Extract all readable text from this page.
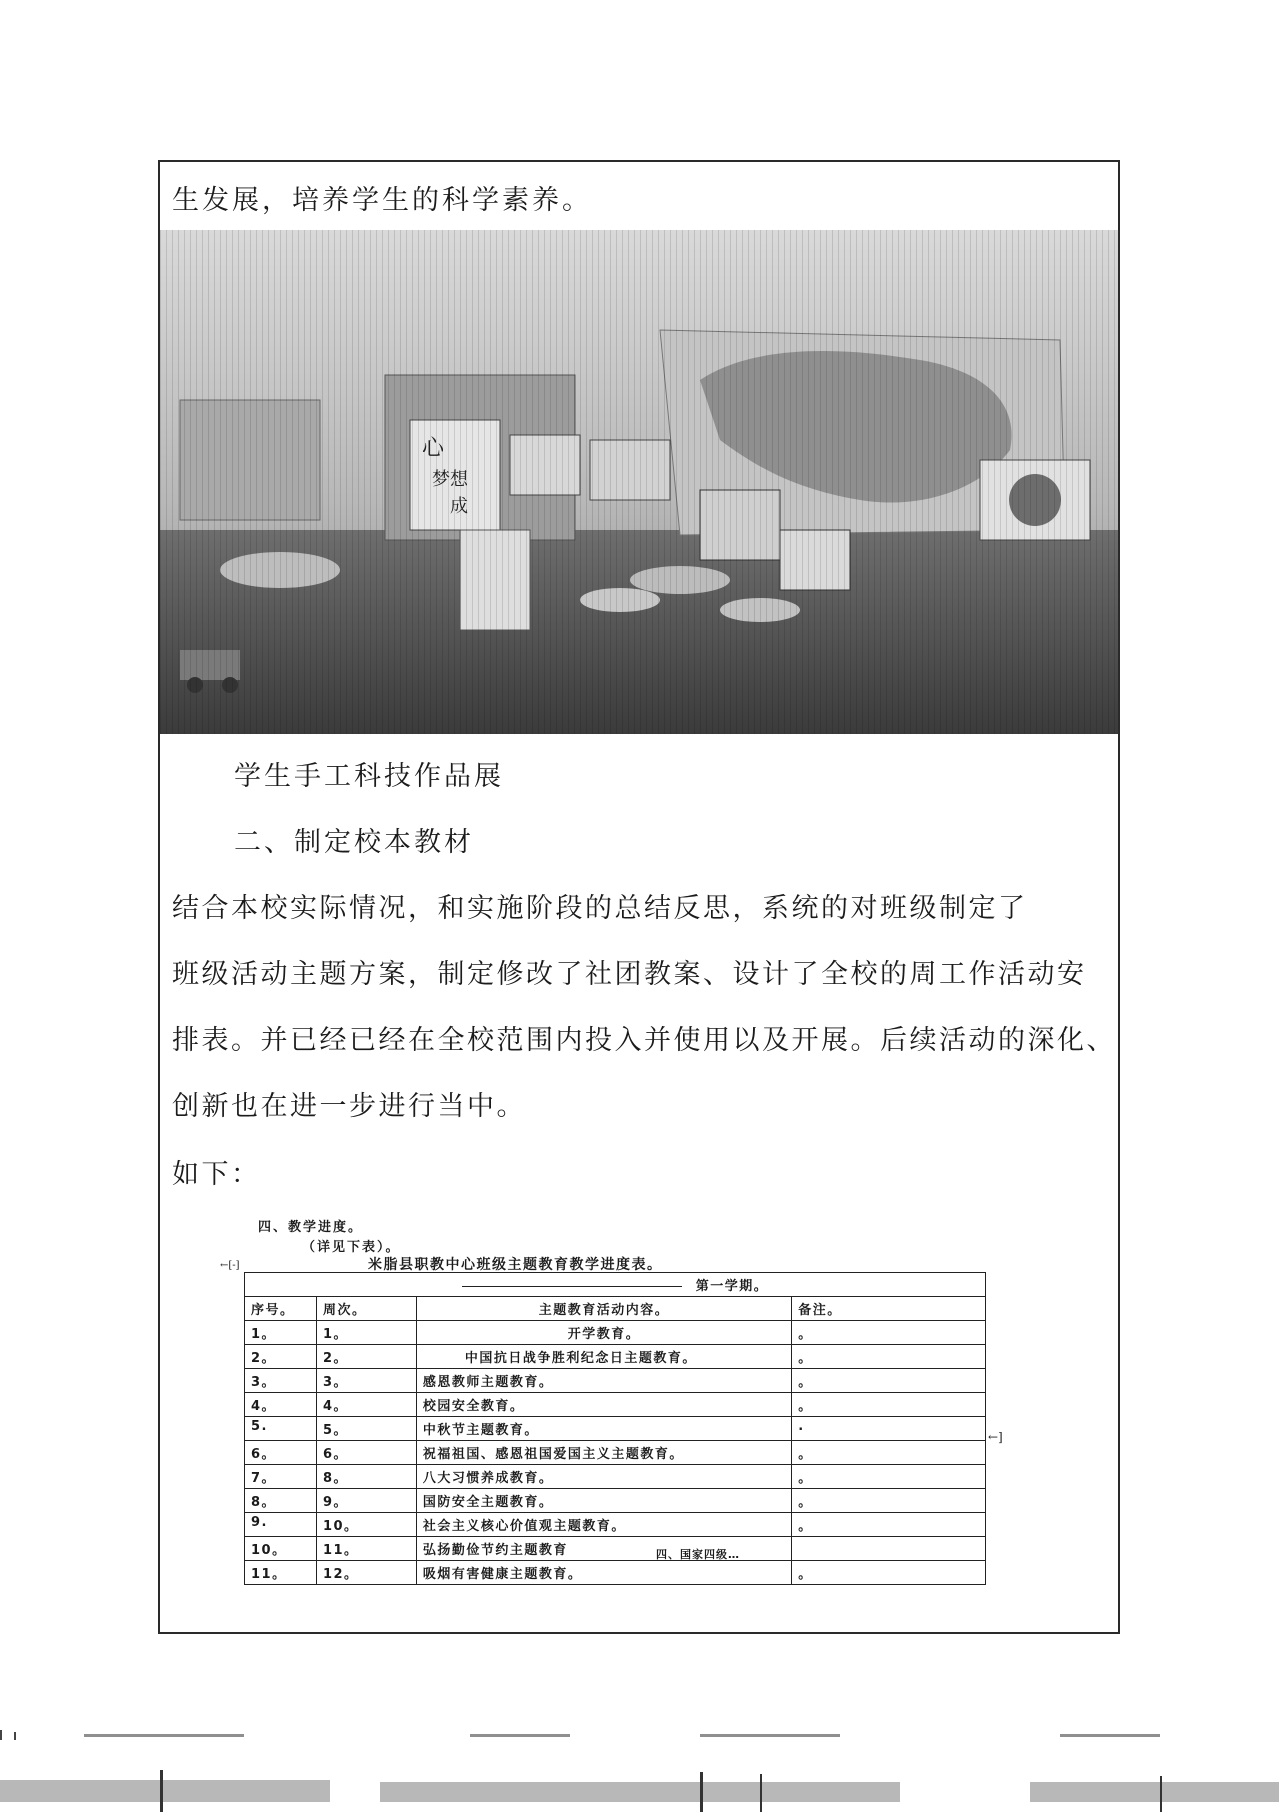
生发展，培养学生的科学素养。
学生手工科技作品展
二、制定校本教材
结合本校实际情况，和实施阶段的总结反思，系统的对班级制定了
班级活动主题方案，制定修改了社团教案、设计了全校的周工作活动安
排表。并已经已经在全校范围内投入并使用以及开展。后续活动的深化、
创新也在进一步进行当中。
如下：
四、教学进度。
（详见下表）。
米脂县职教中心班级主题教育教学进度表。
←[-]
←]
第一学期。			
序号。	周次。	主题教育活动内容。	备注。
1。	1。	开学教育。	。
2。	2。	中国抗日战争胜利纪念日主题教育。	。
3。	3。	感恩教师主题教育。	。
4。	4。	校园安全教育。	。
5.	5。	中秋节主题教育。	.
6。	6。	祝福祖国、感恩祖国爱国主义主题教育。	。
7。	8。	八大习惯养成教育。	。
8。	9。	国防安全主题教育。	。
9.	10。	社会主义核心价值观主题教育。	。
10。	11。	弘扬勤俭节约主题教育	
11。	12。	吸烟有害健康主题教育。	。
四、国家四级…
